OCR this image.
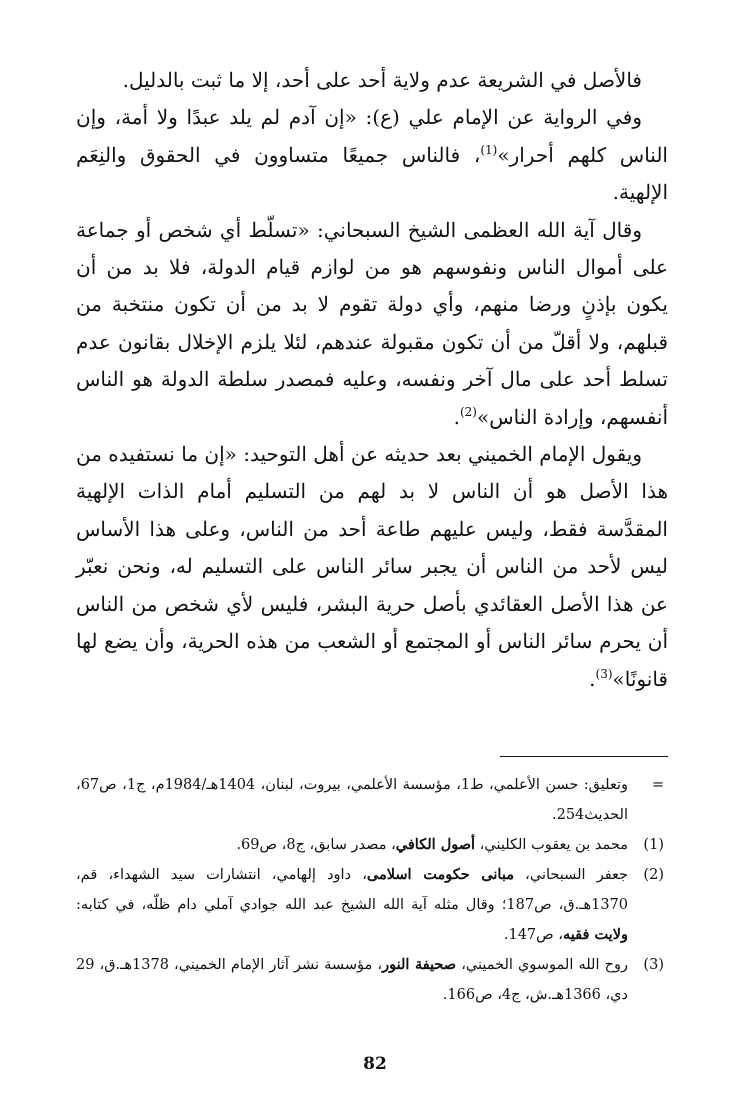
فالأصل في الشريعة عدم ولاية أحد على أحد، إلا ما ثبت بالدليل.

وفي الرواية عن الإمام علي (ع): «إن آدم لم يلد عبدًا ولا أمة، وإن الناس كلهم أحرار»$^{(1)}$، فالناس جميعًا متساوون في الحقوق والنِعَم الإلهية.

وقال آية الله العظمى الشيخ السبحاني: «تسلّط أي شخص أو جماعة على أموال الناس ونفوسهم هو من لوازم قيام الدولة، فلا بد من أن يكون بإذنٍ ورضا منهم، وأي دولة تقوم لا بد من أن تكون منتخبة من قبلهم، ولا أقلّ من أن تكون مقبولة عندهم، لئلا يلزم الإخلال بقانون عدم تسلط أحد على مال آخر ونفسه، وعليه فمصدر سلطة الدولة هو الناس أنفسهم، وإرادة الناس»$^{(2)}$.

ويقول الإمام الخميني بعد حديثه عن أهل التوحيد: «إن ما نستفيده من هذا الأصل هو أن الناس لا بد لهم من التسليم أمام الذات الإلهية المقدَّسة فقط، وليس عليهم طاعة أحد من الناس، وعلى هذا الأساس ليس لأحد من الناس أن يجبر سائر الناس على التسليم له، ونحن نعبّر عن هذا الأصل العقائدي بأصل حرية البشر، فليس لأي شخص من الناس أن يحرم سائر الناس أو المجتمع أو الشعب من هذه الحرية، وأن يضع لها قانونًا»$^{(3)}$.

=
وتعليق: حسن الأعلمي، ط1، مؤسسة الأعلمي، بيروت، لبنان، 1404هـ/1984م، ج1، ص67، الحديث254.
(1)
محمد بن يعقوب الكليني، أصول الكافي، مصدر سابق، ج8، ص69.
(2)
جعفر السبحاني، مبانى حكومت اسلامى، داود إلهامي، انتشارات سيد الشهداء، قم، 1370هـ.ق، ص187؛ وقال مثله آية الله الشيخ عبد الله جوادي آملي دام ظلّه، في كتابه: ولايت فقيه، ص147.
(3)
روح الله الموسوي الخميني، صحيفة النور، مؤسسة نشر آثار الإمام الخميني، 1378هـ.ق، 29 دي، 1366هـ.ش، ج4، ص166.
82
